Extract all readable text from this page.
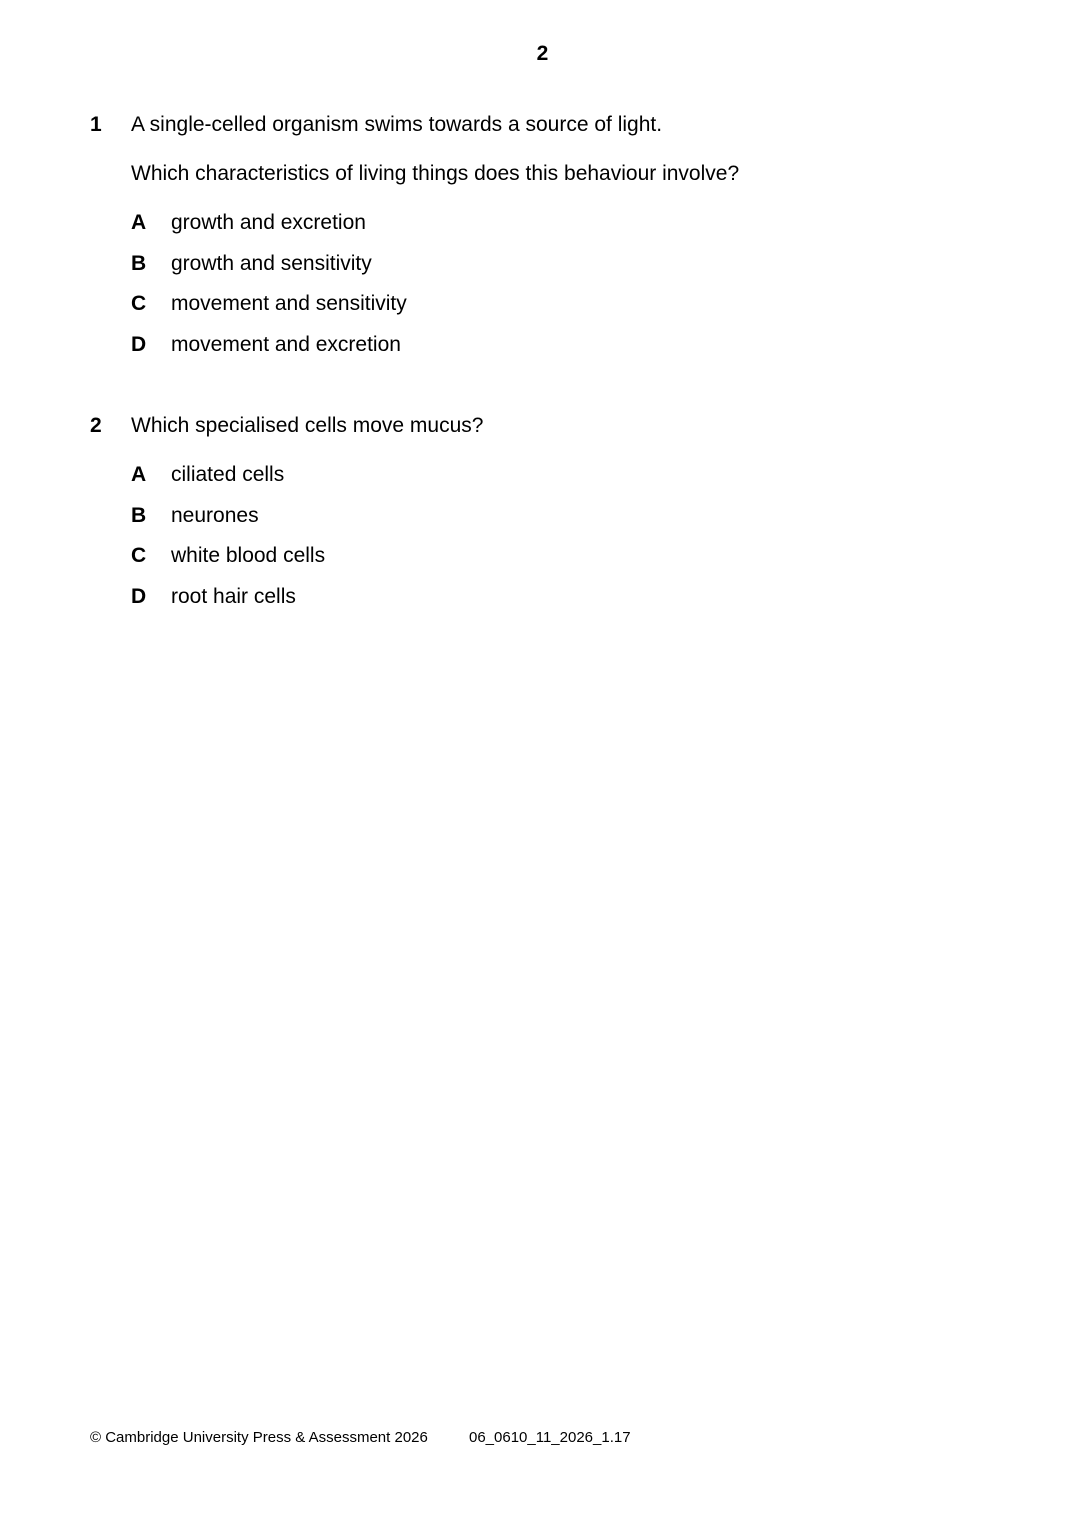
2
1	A single-celled organism swims towards a source of light.
Which characteristics of living things does this behaviour involve?
A	growth and excretion
B	growth and sensitivity
C	movement and sensitivity
D	movement and excretion
2	Which specialised cells move mucus?
A	ciliated cells
B	neurones
C	white blood cells
D	root hair cells
© Cambridge University Press & Assessment 2026	06_0610_11_2026_1.17
